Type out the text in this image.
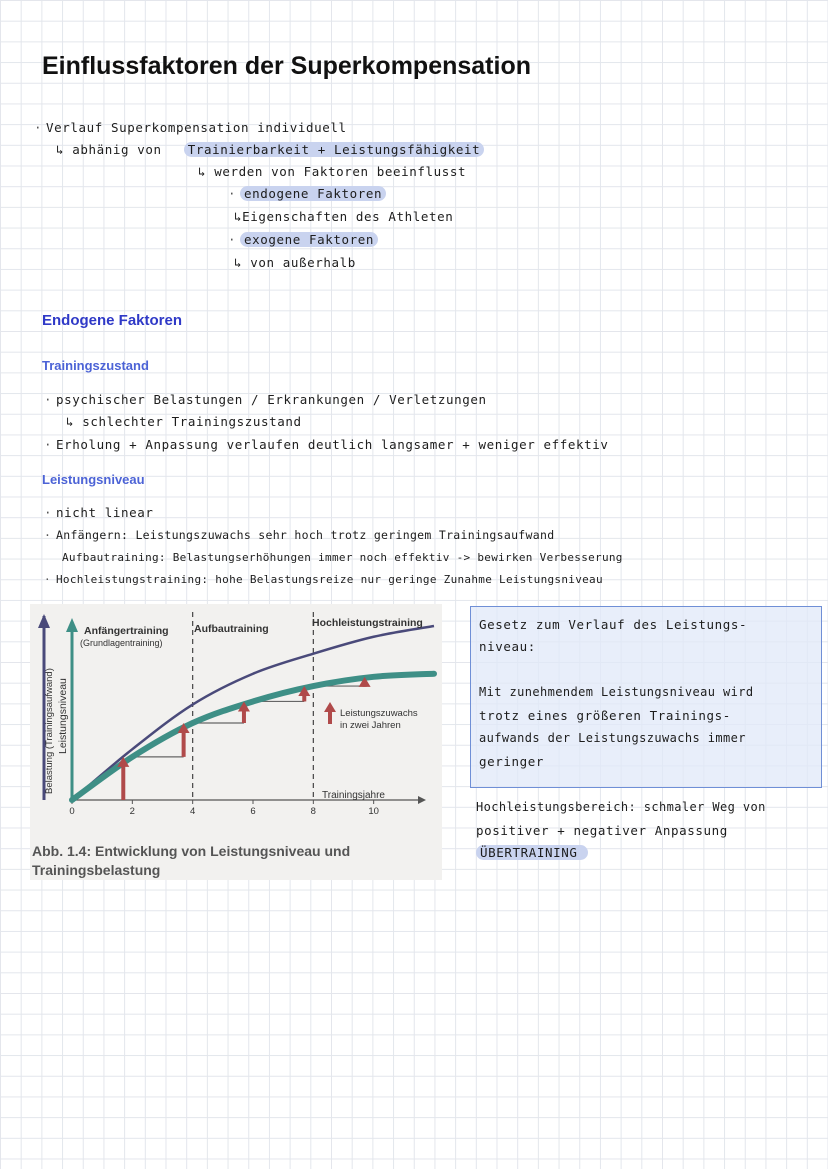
Einflussfaktoren der Superkompensation
· Verlauf Superkompensation individuell
↳ abhänig von Trainierbarkeit + Leistungsfähigkeit
↳ werden von Faktoren beeinflusst
· endogene Faktoren
↳Eigenschaften des Athleten
· exogene Faktoren
↳ von außerhalb
Endogene Faktoren
Trainingszustand
· psychischer Belastungen / Erkrankungen / Verletzungen
↳ schlechter Trainingszustand
· Erholung + Anpassung verlaufen deutlich langsamer + weniger effektiv
Leistungsniveau
· nicht linear
· Anfängern: Leistungszuwachs sehr hoch trotz geringem Trainingsaufwand
Aufbautraining: Belastungserhöhungen immer noch effektiv -> bewirken Verbesserung
· Hochleistungstraining: hohe Belastungsreize nur geringe Zunahme Leistungsniveau
0	2	4	6	8	10
Belastung (Trainingsaufwand) Leistungsniveau
Trainingsjahre
Anfängertraining
(Grundlagentraining)
Aufbautraining	Hochleistungstraining
Leistungszuwachs
in zwei Jahren
Abb. 1.4: Entwicklung von Leistungsniveau und Trainingsbelastung
Gesetz zum Verlauf des Leistungs-
niveau:
Mit zunehmendem Leistungsniveau wird
trotz eines größeren Trainings-
aufwands der Leistungszuwachs immer
geringer
Hochleistungsbereich: schmaler Weg von
positiver + negativer Anpassung
ÜBERTRAINING
